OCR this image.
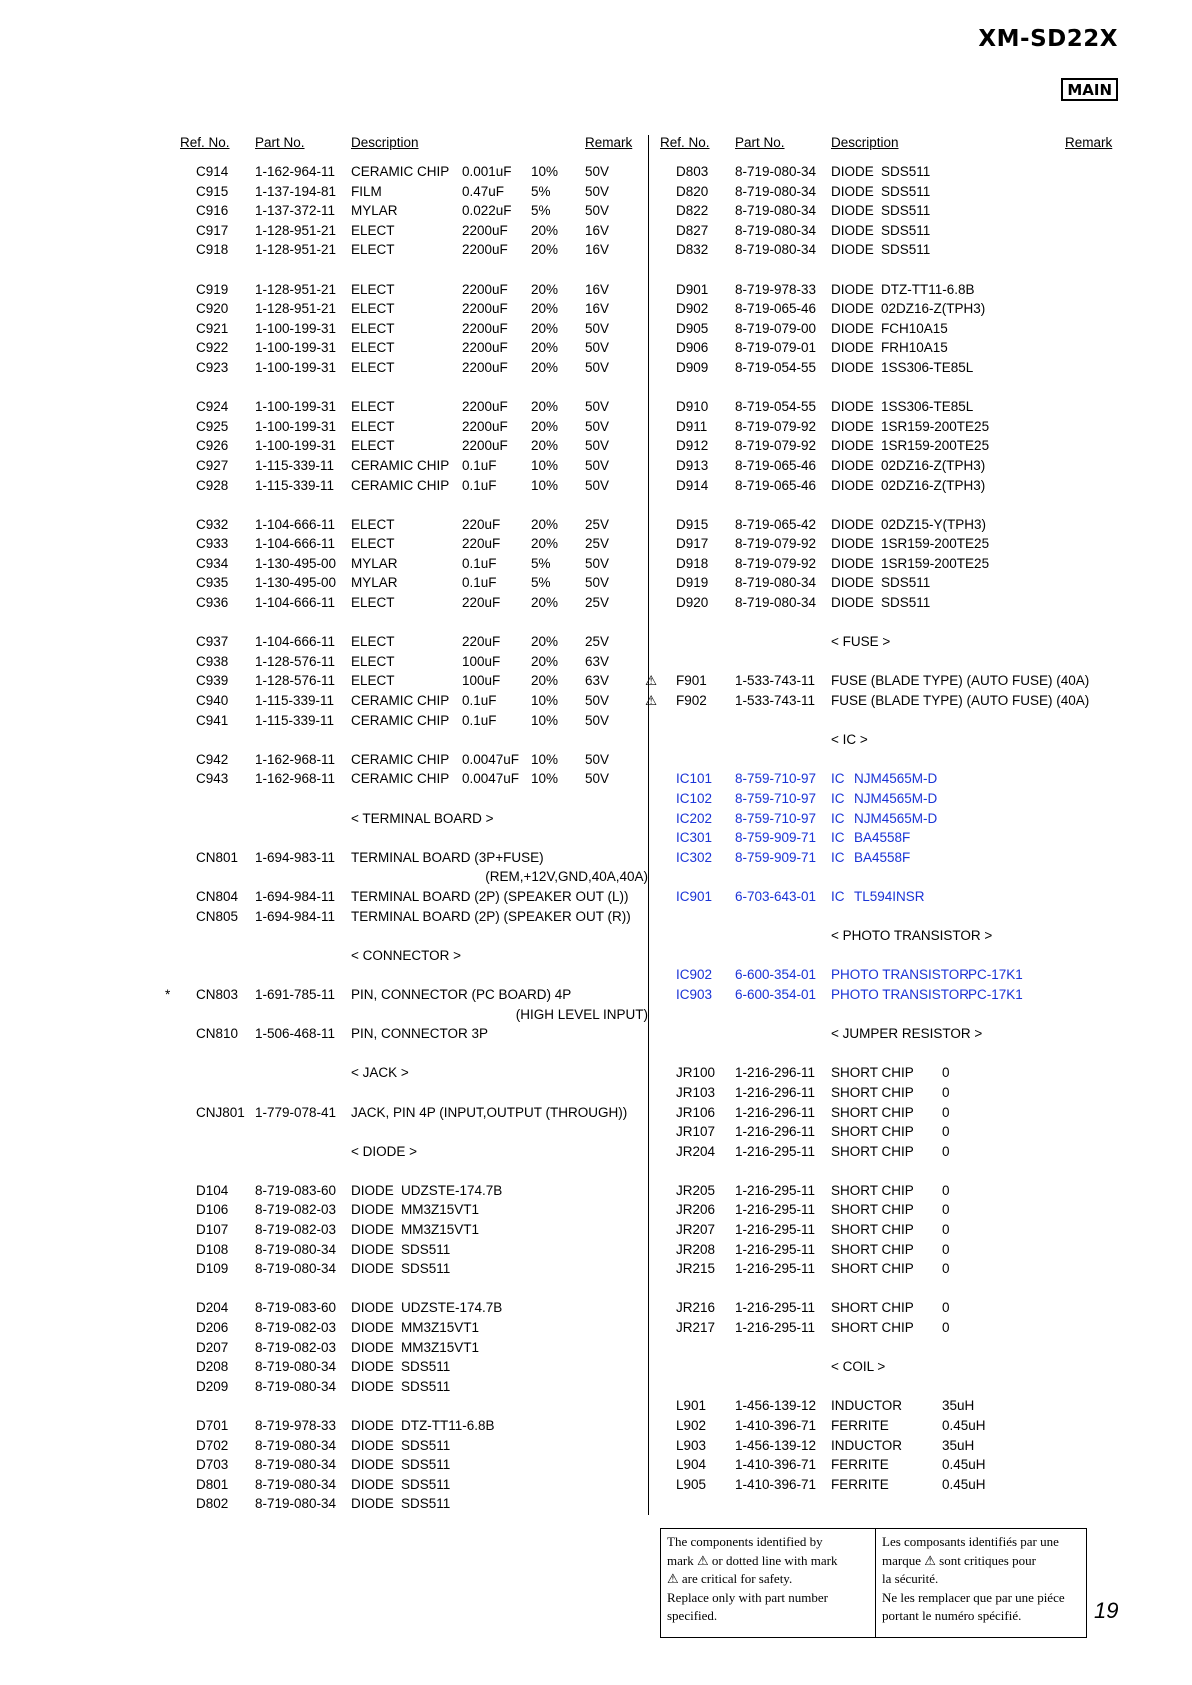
XM-SD22X
MAIN
Ref. No. Part No.	Description	Remark
C914 1-162-964-11 CERAMIC CHIP 0.001uF 10% 50V
C915 1-137-194-81 FILM	0.47uF 5%	50V
C916 1-137-372-11 MYLAR	0.022uF 5%	50V
C917 1-128-951-21 ELECT	2200uF 20% 16V
C918 1-128-951-21 ELECT	2200uF 20% 16V
C919 1-128-951-21 ELECT	2200uF 20% 16V
C920 1-128-951-21 ELECT	2200uF 20% 16V
C921 1-100-199-31 ELECT	2200uF 20% 50V
C922 1-100-199-31 ELECT	2200uF 20% 50V
C923 1-100-199-31 ELECT	2200uF 20% 50V
C924 1-100-199-31 ELECT	2200uF 20% 50V
C925 1-100-199-31 ELECT	2200uF 20% 50V
C926 1-100-199-31 ELECT	2200uF 20% 50V
C927 1-115-339-11 CERAMIC CHIP 0.1uF	10% 50V
C928 1-115-339-11 CERAMIC CHIP 0.1uF	10% 50V
C932 1-104-666-11 ELECT	220uF 20% 25V
C933 1-104-666-11 ELECT	220uF 20% 25V
C934 1-130-495-00 MYLAR	0.1uF	5%	50V
C935 1-130-495-00 MYLAR	0.1uF	5%	50V
C936 1-104-666-11 ELECT	220uF 20% 25V
C937 1-104-666-11 ELECT	220uF 20% 25V
C938 1-128-576-11 ELECT	100uF 20% 63V
C939 1-128-576-11 ELECT	100uF 20% 63V
C940 1-115-339-11 CERAMIC CHIP 0.1uF	10% 50V
C941 1-115-339-11 CERAMIC CHIP 0.1uF	10% 50V
C942 1-162-968-11 CERAMIC CHIP 0.0047uF 10% 50V
C943 1-162-968-11 CERAMIC CHIP 0.0047uF 10% 50V
< TERMINAL BOARD >
CN801 1-694-983-11 TERMINAL BOARD (3P+FUSE)
(REM,+12V,GND,40A,40A)
CN804 1-694-984-11 TERMINAL BOARD (2P) (SPEAKER OUT (L))
CN805 1-694-984-11 TERMINAL BOARD (2P) (SPEAKER OUT (R))
< CONNECTOR >
* CN803 1-691-785-11 PIN, CONNECTOR (PC BOARD) 4P
(HIGH LEVEL INPUT)
CN810 1-506-468-11 PIN, CONNECTOR 3P
< JACK >
CNJ801 1-779-078-41 JACK, PIN 4P (INPUT,OUTPUT (THROUGH))
< DIODE >
D104 8-719-083-60 DIODE UDZSTE-174.7B
D106 8-719-082-03 DIODE MM3Z15VT1
D107 8-719-082-03 DIODE MM3Z15VT1
D108 8-719-080-34 DIODE SDS511
D109 8-719-080-34 DIODE SDS511
D204 8-719-083-60 DIODE UDZSTE-174.7B
D206 8-719-082-03 DIODE MM3Z15VT1
D207 8-719-082-03 DIODE MM3Z15VT1
D208 8-719-080-34 DIODE SDS511
D209 8-719-080-34 DIODE SDS511
D701 8-719-978-33 DIODE DTZ-TT11-6.8B
D702 8-719-080-34 DIODE SDS511
D703 8-719-080-34 DIODE SDS511
D801 8-719-080-34 DIODE SDS511
D802 8-719-080-34 DIODE SDS511
Ref. No. Part No.	Description	Remark
D803 8-719-080-34 DIODE SDS511
D820 8-719-080-34 DIODE SDS511
D822 8-719-080-34 DIODE SDS511
D827 8-719-080-34 DIODE SDS511
D832 8-719-080-34 DIODE SDS511
D901 8-719-978-33 DIODE DTZ-TT11-6.8B
D902 8-719-065-46 DIODE 02DZ16-Z(TPH3)
D905 8-719-079-00 DIODE FCH10A15
D906 8-719-079-01 DIODE FRH10A15
D909 8-719-054-55 DIODE 1SS306-TE85L
D910 8-719-054-55 DIODE 1SS306-TE85L
D911 8-719-079-92 DIODE 1SR159-200TE25
D912 8-719-079-92 DIODE 1SR159-200TE25
D913 8-719-065-46 DIODE 02DZ16-Z(TPH3)
D914 8-719-065-46 DIODE 02DZ16-Z(TPH3)
D915 8-719-065-42 DIODE 02DZ15-Y(TPH3)
D917 8-719-079-92 DIODE 1SR159-200TE25
D918 8-719-079-92 DIODE 1SR159-200TE25
D919 8-719-080-34 DIODE SDS511
D920 8-719-080-34 DIODE SDS511
< FUSE >
⚠ F901 1-533-743-11 FUSE (BLADE TYPE) (AUTO FUSE) (40A)
⚠ F902 1-533-743-11 FUSE (BLADE TYPE) (AUTO FUSE) (40A)
< IC >
IC101 8-759-710-97 IC NJM4565M-D
IC102 8-759-710-97 IC NJM4565M-D
IC202 8-759-710-97 IC NJM4565M-D
IC301 8-759-909-71 IC BA4558F
IC302 8-759-909-71 IC BA4558F
IC901 6-703-643-01 IC TL594INSR
< PHOTO TRANSISTOR >
IC902 6-600-354-01 PHOTO TRANSISTOR
PC-17K1
IC903 6-600-354-01 PHOTO TRANSISTOR
PC-17K1
< JUMPER RESISTOR >
JR100 1-216-296-11 SHORT CHIP 0
JR103 1-216-296-11 SHORT CHIP 0
JR106 1-216-296-11 SHORT CHIP 0
JR107 1-216-296-11 SHORT CHIP 0
JR204 1-216-295-11 SHORT CHIP 0
JR205 1-216-295-11 SHORT CHIP 0
JR206 1-216-295-11 SHORT CHIP 0
JR207 1-216-295-11 SHORT CHIP 0
JR208 1-216-295-11 SHORT CHIP 0
JR215 1-216-295-11 SHORT CHIP 0
JR216 1-216-295-11 SHORT CHIP 0
JR217 1-216-295-11 SHORT CHIP 0
< COIL >
L901 1-456-139-12 INDUCTOR	35uH
L902 1-410-396-71 FERRITE	0.45uH
L903 1-456-139-12 INDUCTOR	35uH
L904 1-410-396-71 FERRITE	0.45uH
L905 1-410-396-71 FERRITE	0.45uH
The components identified by
mark ⚠ or dotted line with mark
⚠ are critical for safety.
Replace only with part number
specified.
Les composants identifiés par une
marque ⚠ sont critiques pour
la sécurité.
Ne les remplacer que par une piéce
portant le numéro spécifié.	19
